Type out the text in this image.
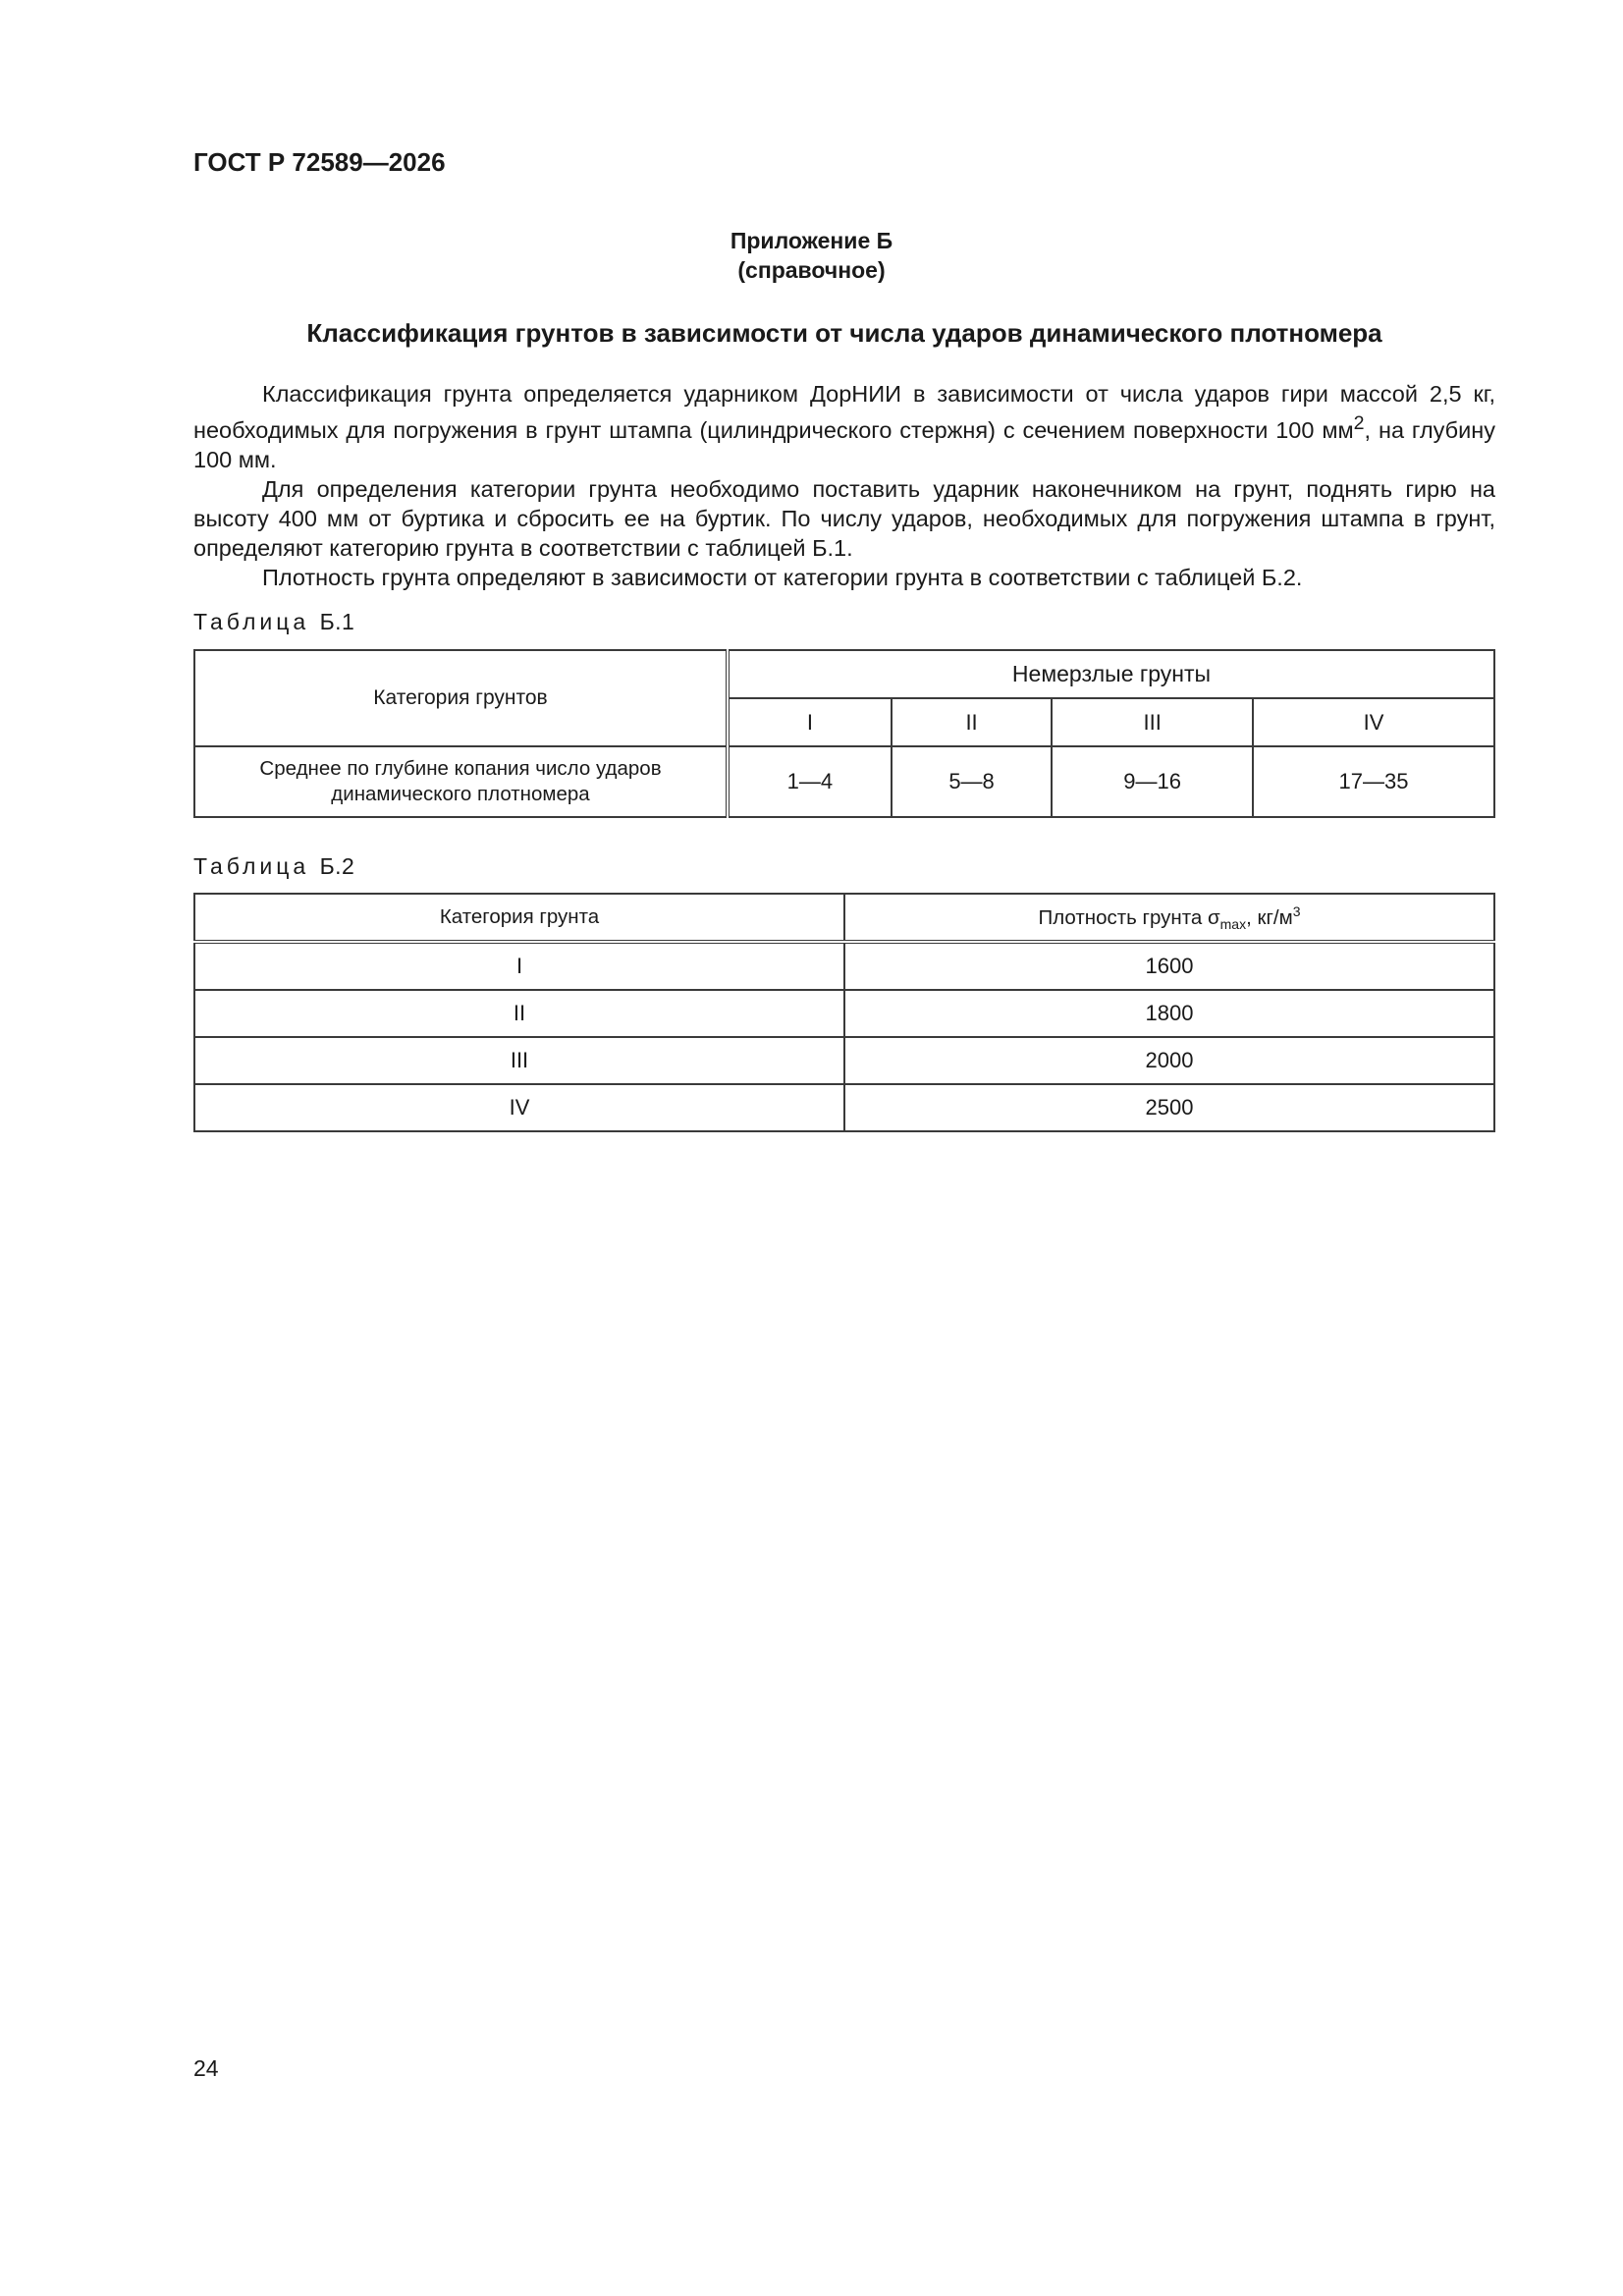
ГОСТ Р 72589—2026
Приложение Б
(справочное)
Классификация грунтов в зависимости от числа ударов динамического плотномера

Классификация грунта определяется ударником ДорНИИ в зависимости от числа ударов гири массой 2,5 кг, необходимых для погружения в грунт штампа (цилиндрического стержня) с сечением поверхности 100 $мм^2$, на глубину 100 мм.

Для определения категории грунта необходимо поставить ударник наконечником на грунт, поднять гирю на высоту 400 мм от буртика и сбросить ее на буртик. По числу ударов, необходимых для погружения штампа в грунт, определяют категорию грунта в соответствии с таблицей Б.1.

Плотность грунта определяют в зависимости от категории грунта в соответствии с таблицей Б.2.

Таблица Б.1
Категория грунтов	Немерзлые грунты			
	I	II	III	IV
Среднее по глубине копания число ударов динамического плотномера	1—4	5—8	9—16	17—35
Таблица Б.2
Категория грунта	Плотность грунта $\sigma_{max}$, $кг/м^3$
I	1600
II	1800
III	2000
IV	2500
24
